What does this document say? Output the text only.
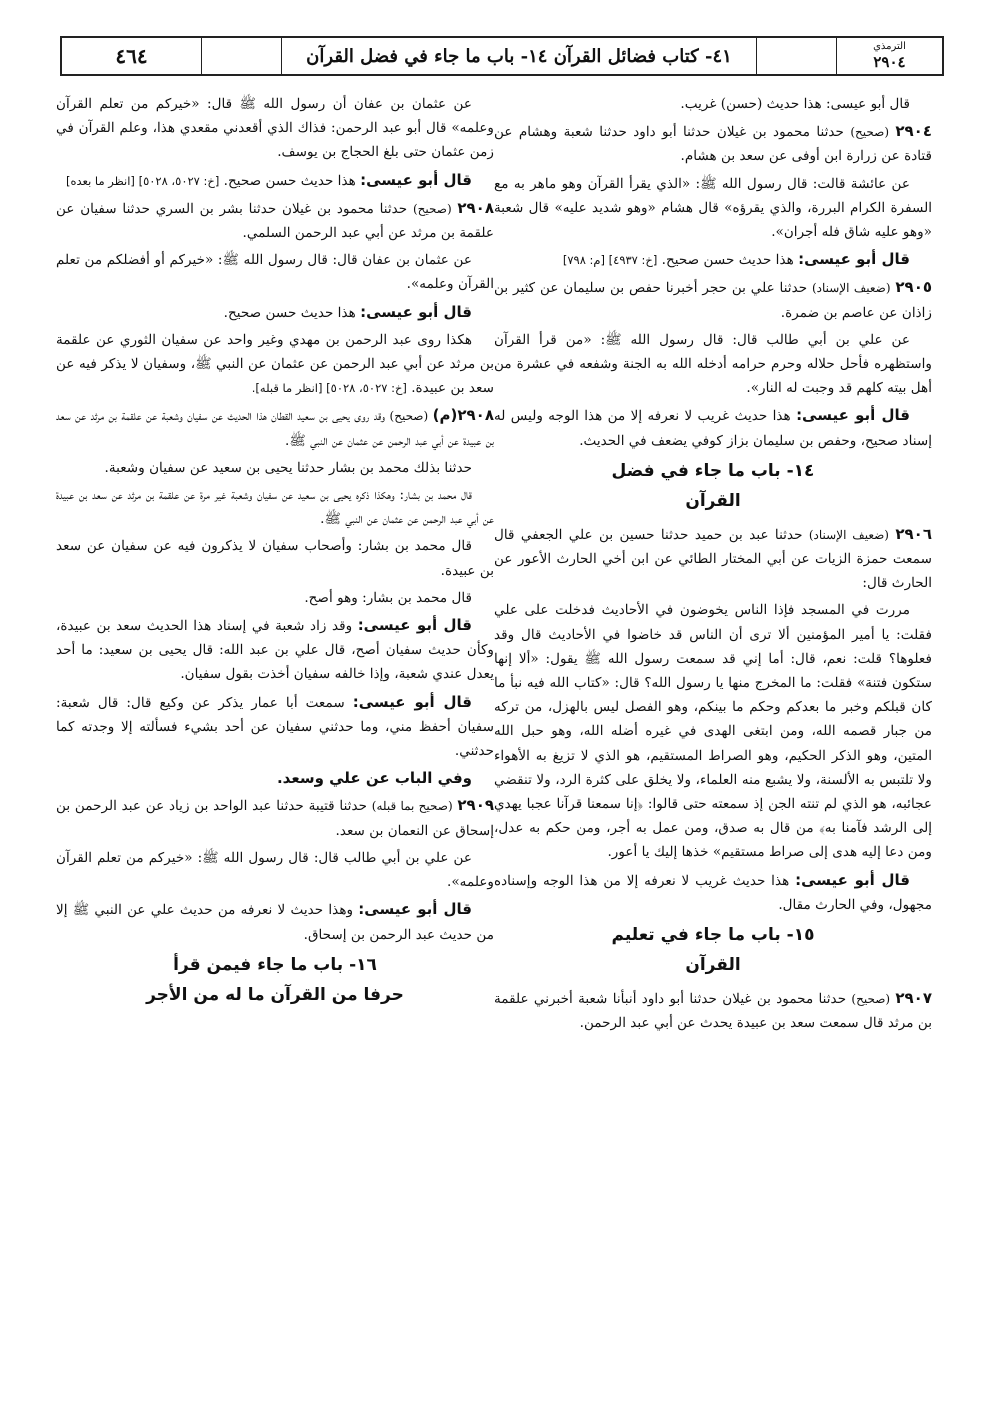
٤٦٤	٤١- كتاب فضائل القرآن ١٤- باب ما جاء في فضل القرآن	الترمذي
٢٩٠٤

قال أبو عيسى: هذا حديث (حسن) غريب.

٢٩٠٤ (صحيح) حدثنا محمود بن غيلان حدثنا أبو داود حدثنا شعبة وهشام عن قتادة عن زرارة ابن أوفى عن سعد بن هشام.

عن عائشة قالت: قال رسول الله ﷺ: «الذي يقرأ القرآن وهو ماهر به مع السفرة الكرام البررة، والذي يقرؤه» قال هشام «وهو شديد عليه» قال شعبة «وهو عليه شاق فله أجران».

قال أبو عيسى: هذا حديث حسن صحيح. [خ: ٤٩٣٧] [م: ٧٩٨]

٢٩٠٥ (ضعيف الإسناد) حدثنا علي بن حجر أخبرنا حفص بن سليمان عن كثير بن زاذان عن عاصم بن ضمرة.

عن علي بن أبي طالب قال: قال رسول الله ﷺ: «من قرأ القرآن واستظهره فأحل حلاله وحرم حرامه أدخله الله به الجنة وشفعه في عشرة من أهل بيته كلهم قد وجبت له النار».

قال أبو عيسى: هذا حديث غريب لا نعرفه إلا من هذا الوجه وليس له إسناد صحيح، وحفص بن سليمان بزاز كوفي يضعف في الحديث.

١٤- باب ما جاء في فضل
القرآن

٢٩٠٦ (ضعيف الإسناد) حدثنا عبد بن حميد حدثنا حسين بن علي الجعفي قال سمعت حمزة الزيات عن أبي المختار الطائي عن ابن أخي الحارث الأعور عن الحارث قال:

مررت في المسجد فإذا الناس يخوضون في الأحاديث فدخلت على علي فقلت: يا أمير المؤمنين ألا ترى أن الناس قد خاضوا في الأحاديث قال وقد فعلوها؟ قلت: نعم، قال: أما إني قد سمعت رسول الله ﷺ يقول: «ألا إنها ستكون فتنة» فقلت: ما المخرج منها يا رسول الله؟ قال: «كتاب الله فيه نبأ ما كان قبلكم وخبر ما بعدكم وحكم ما بينكم، وهو الفصل ليس بالهزل، من تركه من جبار قصمه الله، ومن ابتغى الهدى في غيره أضله الله، وهو حبل الله المتين، وهو الذكر الحكيم، وهو الصراط المستقيم، هو الذي لا تزيغ به الأهواء ولا تلتبس به الألسنة، ولا يشبع منه العلماء، ولا يخلق على كثرة الرد، ولا تنقضي عجائبه، هو الذي لم تنته الجن إذ سمعته حتى قالوا: ﴿إنا سمعنا قرآنا عجبا يهدي إلى الرشد فآمنا به﴾ من قال به صدق، ومن عمل به أجر، ومن حكم به عدل، ومن دعا إليه هدى إلى صراط مستقيم» خذها إليك يا أعور.

قال أبو عيسى: هذا حديث غريب لا نعرفه إلا من هذا الوجه وإسناده مجهول، وفي الحارث مقال.

١٥- باب ما جاء في تعليم
القرآن

٢٩٠٧ (صحيح) حدثنا محمود بن غيلان حدثنا أبو داود أنبأنا شعبة أخبرني علقمة بن مرثد قال سمعت سعد بن عبيدة يحدث عن أبي عبد الرحمن.

عن عثمان بن عفان أن رسول الله ﷺ قال: «خيركم من تعلم القرآن وعلمه» قال أبو عبد الرحمن: فذاك الذي أقعدني مقعدي هذا، وعلم القرآن في زمن عثمان حتى بلغ الحجاج بن يوسف.

قال أبو عيسى: هذا حديث حسن صحيح. [خ: ٥٠٢٧، ٥٠٢٨] [انظر ما بعده]

٢٩٠٨ (صحيح) حدثنا محمود بن غيلان حدثنا بشر بن السري حدثنا سفيان عن علقمة بن مرثد عن أبي عبد الرحمن السلمي.

عن عثمان بن عفان قال: قال رسول الله ﷺ: «خيركم أو أفضلكم من تعلم القرآن وعلمه».

قال أبو عيسى: هذا حديث حسن صحيح.

هكذا روى عبد الرحمن بن مهدي وغير واحد عن سفيان الثوري عن علقمة بن مرثد عن أبي عبد الرحمن عن عثمان عن النبي ﷺ، وسفيان لا يذكر فيه عن سعد بن عبيدة. [خ: ٥٠٢٧، ٥٠٢٨] [انظر ما قبله].

٢٩٠٨(م) (صحيح) وقد روى يحيى بن سعيد القطان هذا الحديث عن سفيان وشعبة عن علقمة بن مرثد عن سعد بن عبيدة عن أبي عبد الرحمن عن عثمان عن النبي ﷺ.

حدثنا بذلك محمد بن بشار حدثنا يحيى بن سعيد عن سفيان وشعبة.

قال محمد بن بشار: وهكذا ذكره يحيى بن سعيد عن سفيان وشعبة غير مرة عن علقمة بن مرثد عن سعد بن عبيدة عن أبي عبد الرحمن عن عثمان عن النبي ﷺ.

قال محمد بن بشار: وأصحاب سفيان لا يذكرون فيه عن سفيان عن سعد بن عبيدة.

قال محمد بن بشار: وهو أصح.

قال أبو عيسى: وقد زاد شعبة في إسناد هذا الحديث سعد بن عبيدة، وكأن حديث سفيان أصح، قال علي بن عبد الله: قال يحيى بن سعيد: ما أحد يعدل عندي شعبة، وإذا خالفه سفيان أخذت بقول سفيان.

قال أبو عيسى: سمعت أبا عمار يذكر عن وكيع قال: قال شعبة: سفيان أحفظ مني، وما حدثني سفيان عن أحد بشيء فسألته إلا وجدته كما حدثني.

وفي الباب عن علي وسعد.

٢٩٠٩ (صحيح بما قبله) حدثنا قتيبة حدثنا عبد الواحد بن زياد عن عبد الرحمن بن إسحاق عن النعمان بن سعد.

عن علي بن أبي طالب قال: قال رسول الله ﷺ: «خيركم من تعلم القرآن وعلمه».

قال أبو عيسى: وهذا حديث لا نعرفه من حديث علي عن النبي ﷺ إلا من حديث عبد الرحمن بن إسحاق.

١٦- باب ما جاء فيمن قرأ
حرفا من القرآن ما له من الأجر
